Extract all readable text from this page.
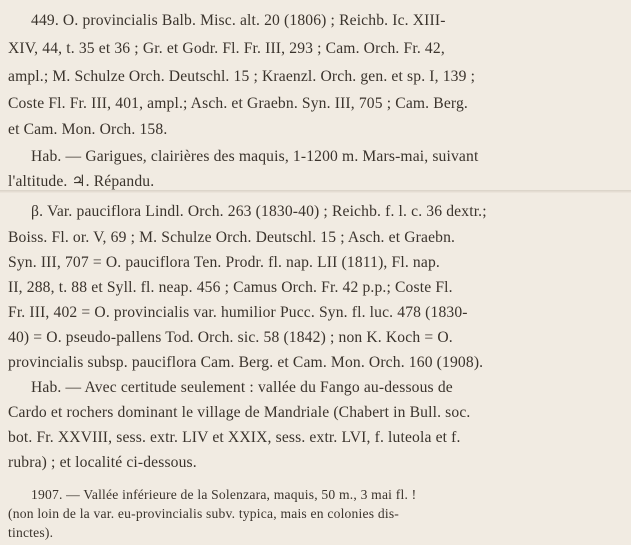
449. O. provincialis Balb. Misc. alt. 20 (1806) ; Reichb. Ic. XIII-
XIV, 44, t. 35 et 36 ; Gr. et Godr. Fl. Fr. III, 293 ; Cam. Orch. Fr. 42,
ampl.; M. Schulze Orch. Deutschl. 15 ; Kraenzl. Orch. gen. et sp. I, 139 ;
Coste Fl. Fr. III, 401, ampl.; Asch. et Graebn. Syn. III, 705 ; Cam. Berg.
et Cam. Mon. Orch. 158.
Hab. — Garigues, clairières des maquis, 1-1200 m. Mars-mai, suivant
l'altitude. ♃. Répandu.
β. Var. pauciflora Lindl. Orch. 263 (1830-40) ; Reichb. f. l. c. 36 dextr.;
Boiss. Fl. or. V, 69 ; M. Schulze Orch. Deutschl. 15 ; Asch. et Graebn.
Syn. III, 707 = O. pauciflora Ten. Prodr. fl. nap. LII (1811), Fl. nap.
II, 288, t. 88 et Syll. fl. neap. 456 ; Camus Orch. Fr. 42 p.p.; Coste Fl.
Fr. III, 402 = O. provincialis var. humilior Pucc. Syn. fl. luc. 478 (1830-
40) = O. pseudo-pallens Tod. Orch. sic. 58 (1842) ; non K. Koch = O.
provincialis subsp. pauciflora Cam. Berg. et Cam. Mon. Orch. 160 (1908).
Hab. — Avec certitude seulement : vallée du Fango au-dessous de
Cardo et rochers dominant le village de Mandriale (Chabert in Bull. soc.
bot. Fr. XXVIII, sess. extr. LIV et XXIX, sess. extr. LVI, f. luteola et f.
rubra) ; et localité ci-dessous.
1907. — Vallée inférieure de la Solenzara, maquis, 50 m., 3 mai fl. !
(non loin de la var. eu-provincialis subv. typica, mais en colonies dis-
tinctes).
